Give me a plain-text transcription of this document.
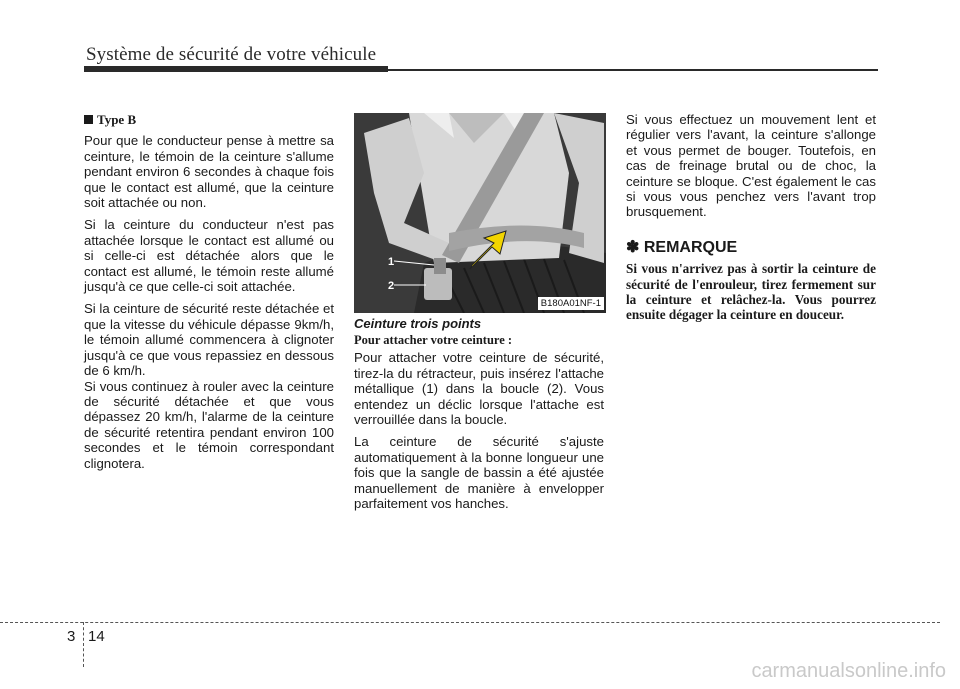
Système de sécurité de votre véhicule
Type B

Pour que le conducteur pense à mettre sa ceinture, le témoin de la ceinture s'allume pendant environ 6 secondes à chaque fois que le contact est allumé, que la ceinture soit attachée ou non.

Si la ceinture du conducteur n'est pas attachée lorsque le contact est allumé ou si celle-ci est détachée alors que le contact est allumé, le témoin reste allumé jusqu'à ce que celle-ci soit attachée.

Si la ceinture de sécurité reste détachée et que la vitesse du véhicule dépasse 9km/h, le témoin allumé commencera à clignoter jusqu'à ce que vous repassiez en dessous de 6 km/h.

Si vous continuez à rouler avec la ceinture de sécurité détachée et que vous dépassez 20 km/h, l'alarme de la ceinture de sécurité retentira pendant environ 100 secondes et le témoin correspondant clignotera.

1
2
B180A01NF-1
Ceinture trois points
Pour attacher votre ceinture :

Pour attacher votre ceinture de sécurité, tirez-la du rétracteur, puis insérez l'attache métallique (1) dans la boucle (2). Vous entendez un déclic lorsque l'attache est verrouillée dans la boucle.

La ceinture de sécurité s'ajuste automatiquement à la bonne longueur une fois que la sangle de bassin a été ajustée manuellement de manière à envelopper parfaitement vos hanches.

Si vous effectuez un mouvement lent et régulier vers l'avant, la ceinture s'allonge et vous permet de bouger. Toutefois, en cas de freinage brutal ou de choc, la ceinture se bloque. C'est également le cas si vous vous penchez vers l'avant trop brusquement.

✽ REMARQUE

Si vous n'arrivez pas à sortir la ceinture de sécurité de l'enrouleur, tirez fermement sur la ceinture et relâchez-la. Vous pourrez ensuite dégager la ceinture en douceur.

3 14
carmanualsonline.info
